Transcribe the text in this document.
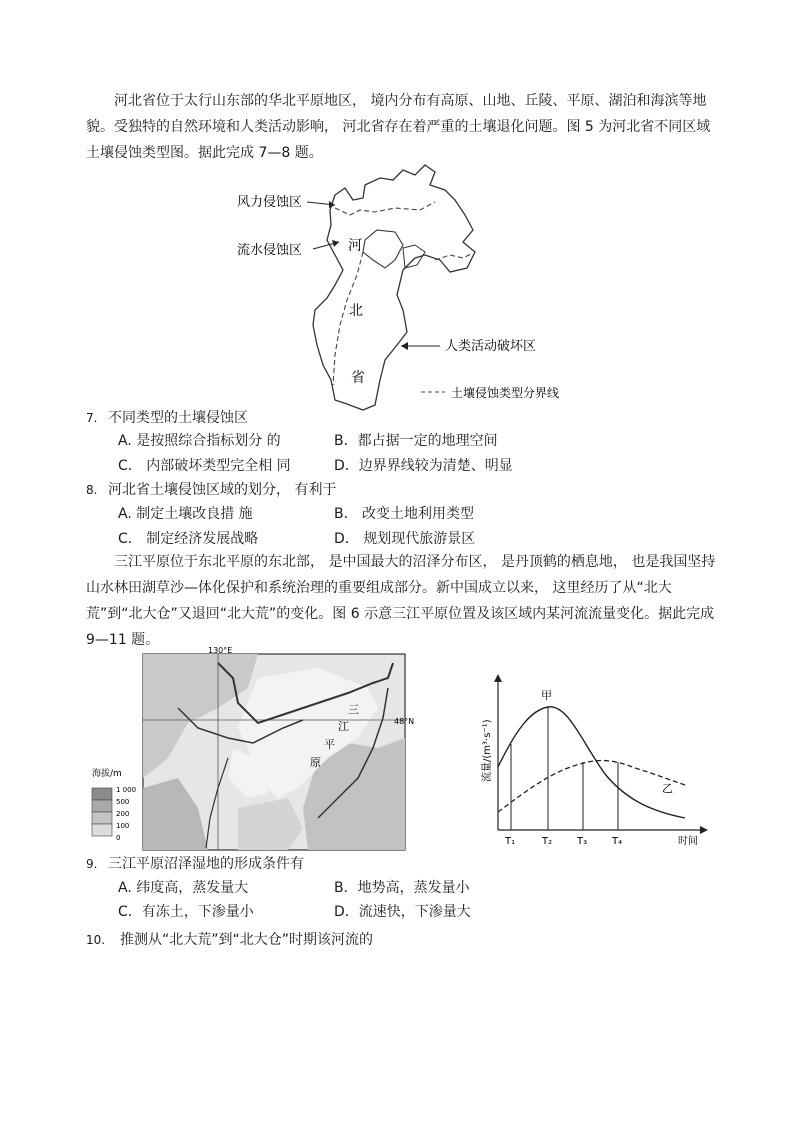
河北省位于太行山东部的华北平原地区， 境内分布有高原、山地、丘陵、平原、湖泊和海滨等地貌。受独特的自然环境和人类活动影响， 河北省存在着严重的土壤退化问题。图 5 为河北省不同区域土壤侵蚀类型图。据此完成 7—8 题。

风力侵蚀区
流水侵蚀区
人类活动破坏区
河
北
省
土壤侵蚀类型分界线
7. 不同类型的土壤侵蚀区
A. 是按照综合指标划分 的	B．都占据一定的地理空间
C． 内部破坏类型完全相 同	D．边界界线较为清楚、明显
8. 河北省土壤侵蚀区域的划分， 有利于
A. 制定土壤改良措 施	B． 改变土地利用类型
C． 制定经济发展战略	D． 规划现代旅游景区

三江平原位于东北平原的东北部， 是中国最大的沼泽分布区， 是丹顶鹤的栖息地， 也是我国坚持山水林田湖草沙—体化保护和系统治理的重要组成部分。新中国成立以来， 这里经历了从“北大荒”到“北大仓”又退回“北大荒”的变化。图 6 示意三江平原位置及该区域内某河流流量变化。据此完成 9—11 题。

130°E
48°N
三
江
平
原
海拔/m
1 000
500
200
100
0
甲
乙
T₁	T₂ T₃ T₄	时间
流量/(m³·s⁻¹)
9. 三江平原沼泽湿地的形成条件有
A. 纬度高，蒸发量大	B．地势高，蒸发量小
C．有冻土，下渗量小	D．流速快，下渗量大
10. 推测从“北大荒”到“北大仓”时期该河流的
